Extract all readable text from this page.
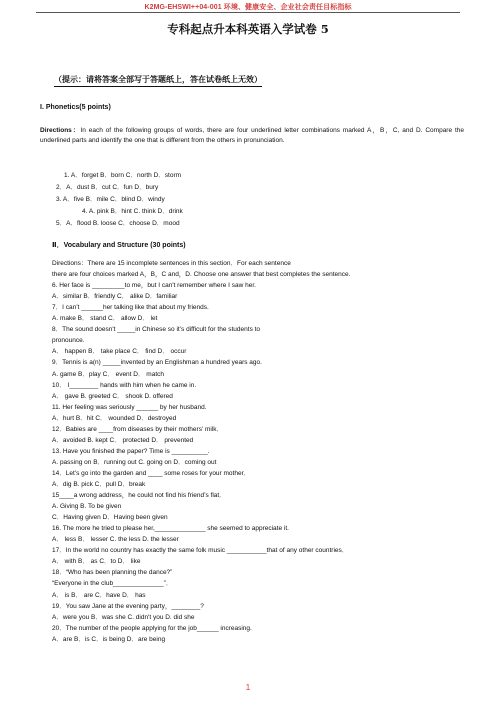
K2MG-EHSWI++04-001 环境、健康安全、企业社会责任目标指标
专科起点升本科英语入学试卷 5
（提示：请将答案全部写于答题纸上，答在试卷纸上无效）
I. Phonetics(5 points)
Directions：In each of the following groups of words, there are four underlined letter combinations marked A，B，C, and D. Compare the underlined parts and identify the one that is different from the others in pronunciation.
1. A．forget B．born C．north D．storm
2．A．dust B．cut C．fun D．bury
3. A．five B．mile C．blind D．windy
4. A. pink B．hint C. think D．drink
5．A．flood B. loose C．choose D．mood
Ⅱ．Vocabulary and Structure (30 points)
Directions：There are 15 incomplete sentences in this section．For each sentence
there are four choices marked A，B，C and，D. Choose one answer that best completes the sentence.
6. Her face is _________to me，but I can't remember where I saw her.
A．similar B．friendly C． alike D．familiar
7．I can’t ______her talking like that about my friends.
A. make B． stand C． allow D． let
8．The sound doesn't _____in Chinese so it’s difficult for the students to
pronounce.
A． happen B． take place C． find D． occur
9．Tennis is a(n) _____invented by an Englishman a hundred years ago.
A. game B．play C． event D． match
10． I________ hands with him when he came in.
A． gave B. greeted C． shook D. offered
11. Her feeling was seriously ______ by her husband.
A．hurt B．hit C． wounded D．destroyed
12．Babies are ____from diseases by their mothers’ milk．
A．avoided B. kept C． protected D． prevented
13. Have you finished the paper? Time is __________.
A. passing on B．running out C. going on D．coming out
14．Let’s go into the garden and ____ some roses for your mother．
A．dig B. pick C．pull D．break
15____a wrong address，he could not find his friend’s flat．
A. Giving B. To be given
C．Having given D．Having been given
16. The more he tried to please her,______________ she seemed to appreciate it.
A． less B． lesser C. the less D. the lesser
17．In the world no country has exactly the same folk music ___________that of any other countries．
A． with B． as C．to D． like
18．“Who has been planning the dance?”
“Everyone in the club______________”．
A． is B． are C．have D． has
19．You saw Jane at the evening party，________?
A．were you B．was she C. didn't you D. did she
20．The number of the people applying for the job______ increasing.
A．are B．is C．is being D．are being
1
